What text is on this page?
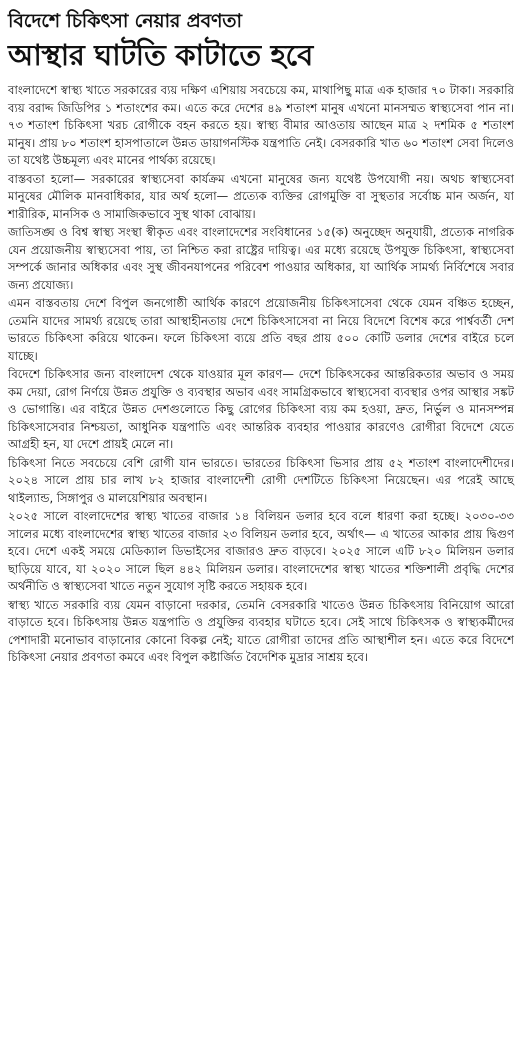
বিদেশে চিকিৎসা নেয়ার প্রবণতা
আস্থার ঘাটতি কাটাতে হবে

বাংলাদেশে স্বাস্থ্য খাতে সরকারের ব্যয় দক্ষিণ এশিয়ায় সবচেয়ে কম, মাথাপিছু মাত্র এক হাজার ৭০ টাকা। সরকারি ব্যয় বরাদ্দ জিডিপির ১ শতাংশের কম। এতে করে দেশের ৪৯ শতাংশ মানুষ এখনো মানসম্মত স্বাস্থ্যসেবা পান না। ৭৩ শতাংশ চিকিৎসা খরচ রোগীকে বহন করতে হয়। স্বাস্থ্য বীমার আওতায় আছেন মাত্র ২ দশমিক ৫ শতাংশ মানুষ। প্রায় ৮০ শতাংশ হাসপাতালে উন্নত ডায়াগনস্টিক যন্ত্রপাতি নেই। বেসরকারি খাত ৬০ শতাংশ সেবা দিলেও তা যথেষ্ট উচ্চমূল্য এবং মানের পার্থক্য রয়েছে।

বাস্তবতা হলো— সরকারের স্বাস্থ্যসেবা কার্যক্রম এখনো মানুষের জন্য যথেষ্ট উপযোগী নয়। অথচ স্বাস্থ্যসেবা মানুষের মৌলিক মানবাধিকার, যার অর্থ হলো— প্রত্যেক ব্যক্তির রোগমুক্তি বা সুস্থতার সর্বোচ্চ মান অর্জন, যা শারীরিক, মানসিক ও সামাজিকভাবে সুস্থ থাকা বোঝায়।

জাতিসঙ্ঘ ও বিশ্ব স্বাস্থ্য সংস্থা স্বীকৃত এবং বাংলাদেশের সংবিধানের ১৫(ক) অনুচ্ছেদ অনুযায়ী, প্রত্যেক নাগরিক যেন প্রয়োজনীয় স্বাস্থ্যসেবা পায়, তা নিশ্চিত করা রাষ্ট্রের দায়িত্ব। এর মধ্যে রয়েছে উপযুক্ত চিকিৎসা, স্বাস্থ্যসেবা সম্পর্কে জানার অধিকার এবং সুস্থ জীবনযাপনের পরিবেশ পাওয়ার অধিকার, যা আর্থিক সামর্থ্য নির্বিশেষে সবার জন্য প্রযোজ্য।

এমন বাস্তবতায় দেশে বিপুল জনগোষ্ঠী আর্থিক কারণে প্রয়োজনীয় চিকিৎসাসেবা থেকে যেমন বঞ্চিত হচ্ছেন, তেমনি যাদের সামর্থ্য রয়েছে তারা আস্থাহীনতায় দেশে চিকিৎসাসেবা না নিয়ে বিদেশে বিশেষ করে পার্শ্ববর্তী দেশ ভারতে চিকিৎসা করিয়ে থাকেন। ফলে চিকিৎসা ব্যয়ে প্রতি বছর প্রায় ৫০০ কোটি ডলার দেশের বাইরে চলে যাচ্ছে।

বিদেশে চিকিৎসার জন্য বাংলাদেশ থেকে যাওয়ার মূল কারণ— দেশে চিকিৎসকের আন্তরিকতার অভাব ও সময় কম দেয়া, রোগ নির্ণয়ে উন্নত প্রযুক্তি ও ব্যবস্থার অভাব এবং সামগ্রিকভাবে স্বাস্থ্যসেবা ব্যবস্থার ওপর আস্থার সঙ্কট ও ভোগান্তি। এর বাইরে উন্নত দেশগুলোতে কিছু রোগের চিকিৎসা ব্যয় কম হওয়া, দ্রুত, নির্ভুল ও মানসম্পন্ন চিকিৎসাসেবার নিশ্চয়তা, আধুনিক যন্ত্রপাতি এবং আন্তরিক ব্যবহার পাওয়ার কারণেও রোগীরা বিদেশে যেতে আগ্রহী হন, যা দেশে প্রায়ই মেলে না।

চিকিৎসা নিতে সবচেয়ে বেশি রোগী যান ভারতে। ভারতের চিকিৎসা ভিসার প্রায় ৫২ শতাংশ বাংলাদেশীদের। ২০২৪ সালে প্রায় চার লাখ ৮২ হাজার বাংলাদেশী রোগী দেশটিতে চিকিৎসা নিয়েছেন। এর পরেই আছে থাইল্যান্ড, সিঙ্গাপুর ও মালয়েশিয়ার অবস্থান।

২০২৫ সালে বাংলাদেশের স্বাস্থ্য খাতের বাজার ১৪ বিলিয়ন ডলার হবে বলে ধারণা করা হচ্ছে। ২০৩০-৩৩ সালের মধ্যে বাংলাদেশের স্বাস্থ্য খাতের বাজার ২৩ বিলিয়ন ডলার হবে, অর্থাৎ— এ খাতের আকার প্রায় দ্বিগুণ হবে। দেশে একই সময়ে মেডিক্যাল ডিভাইসের বাজারও দ্রুত বাড়বে। ২০২৫ সালে এটি ৮২০ মিলিয়ন ডলার ছাড়িয়ে যাবে, যা ২০২০ সালে ছিল ৪৪২ মিলিয়ন ডলার। বাংলাদেশের স্বাস্থ্য খাতের শক্তিশালী প্রবৃদ্ধি দেশের অর্থনীতি ও স্বাস্থ্যসেবা খাতে নতুন সুযোগ সৃষ্টি করতে সহায়ক হবে।

স্বাস্থ্য খাতে সরকারি ব্যয় যেমন বাড়ানো দরকার, তেমনি বেসরকারি খাতেও উন্নত চিকিৎসায় বিনিয়োগ আরো বাড়াতে হবে। চিকিৎসায় উন্নত যন্ত্রপাতি ও প্রযুক্তির ব্যবহার ঘটাতে হবে। সেই সাথে চিকিৎসক ও স্বাস্থ্যকর্মীদের পেশাদারী মনোভাব বাড়ানোর কোনো বিকল্প নেই; যাতে রোগীরা তাদের প্রতি আস্থাশীল হন। এতে করে বিদেশে চিকিৎসা নেয়ার প্রবণতা কমবে এবং বিপুল কষ্টার্জিত বৈদেশিক মুদ্রার সাশ্রয় হবে।
